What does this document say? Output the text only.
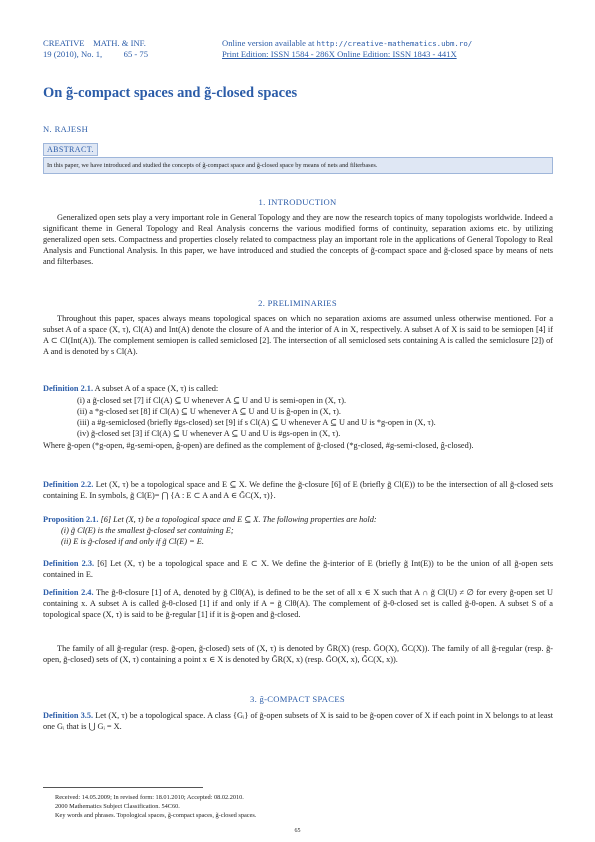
CREATIVE    MATH. & INF.
19 (2010), No. 1,          65 - 75
Online version available at http://creative-mathematics.ubm.ro/
Print Edition: ISSN 1584 - 286X Online Edition: ISSN 1843 - 441X
On g̃-compact spaces and g̃-closed spaces
N. RAJESH
ABSTRACT.
In this paper, we have introduced and studied the concepts of g̃-compact space and g̃-closed space by means of nets and filterbases.
1. INTRODUCTION
Generalized open sets play a very important role in General Topology and they are now the research topics of many topologists worldwide. Indeed a significant theme in General Topology and Real Analysis concerns the various modified forms of continuity, separation axioms etc. by utilizing generalized open sets. Compactness and properties closely related to compactness play an important role in the applications of General Topology to Real Analysis and Functional Analysis. In this paper, we have introduced and studied the concepts of g̃-compact space and g̃-closed space by means of nets and filterbases.
2. PRELIMINARIES
Throughout this paper, spaces always means topological spaces on which no separation axioms are assumed unless otherwise mentioned. For a subset A of a space (X, τ), Cl(A) and Int(A) denote the closure of A and the interior of A in X, respectively. A subset A of X is said to be semiopen [4] if A ⊂ Cl(Int(A)). The complement semiopen is called semiclosed [2]. The intersection of all semiclosed sets containing A is called the semiclosure [2]) of A and is denoted by s Cl(A).
Definition 2.1. A subset A of a space (X, τ) is called:
(i) a g̃-closed set [7] if Cl(A) ⊆ U whenever A ⊆ U and U is semi-open in (X, τ).
(ii) a *g-closed set [8] if Cl(A) ⊆ U whenever A ⊆ U and U is ĝ-open in (X, τ).
(iii) a #g-semiclosed (briefly #gs-closed) set [9] if s Cl(A) ⊆ U whenever A ⊆ U and U is *g-open in (X, τ).
(iv) g̃-closed set [3] if Cl(A) ⊆ U whenever A ⊆ U and U is #gs-open in (X, τ).
Where g̃-open (*g-open, #g-semi-open, ĝ-open) are defined as the complement of g̃-closed (*g-closed, #g-semi-closed, ĝ-closed).
Definition 2.2. Let (X, τ) be a topological space and E ⊆ X. We define the g̃-closure [6] of E (briefly g̃ Cl(E)) to be the intersection of all g̃-closed sets containing E. In symbols, g̃ Cl(E)= ⋂ {A : E ⊂ A and A ∈ G̃C(X, τ)}.
Proposition 2.1. [6] Let (X, τ) be a topological space and E ⊆ X. The following properties are hold:
(i) g̃ Cl(E) is the smallest g̃-closed set containing E;
(ii) E is g̃-closed if and only if g̃ Cl(E) = E.
Definition 2.3. [6] Let (X, τ) be a topological space and E ⊂ X. We define the g̃-interior of E (briefly g̃ Int(E)) to be the union of all g̃-open sets contained in E.
Definition 2.4. The g̃-θ-closure [1] of A, denoted by g̃ Clθ(A), is defined to be the set of all x ∈ X such that A ∩ g̃ Cl(U) ≠ ∅ for every g̃-open set U containing x. A subset A is called g̃-θ-closed [1] if and only if A = g̃ Clθ(A). The complement of g̃-θ-closed set is called g̃-θ-open. A subset S of a topological space (X, τ) is said to be g̃-regular [1] if it is g̃-open and g̃-closed.
The family of all g̃-regular (resp. g̃-open, g̃-closed) sets of (X, τ) is denoted by G̃R(X) (resp. G̃O(X), G̃C(X)). The family of all g̃-regular (resp. g̃-open, g̃-closed) sets of (X, τ) containing a point x ∈ X is denoted by G̃R(X, x) (resp. G̃O(X, x), G̃C(X, x)).
3. g̃-COMPACT SPACES
Definition 3.5. Let (X, τ) be a topological space. A class {Gᵢ} of g̃-open subsets of X is said to be g̃-open cover of X if each point in X belongs to at least one Gᵢ that is ⋃ Gᵢ = X.
Received: 14.05.2009; In revised form: 18.01.2010; Accepted: 08.02.2010.
2000 Mathematics Subject Classification. 54C60.
Key words and phrases. Topological spaces, g̃-compact spaces, g̃-closed spaces.
65
